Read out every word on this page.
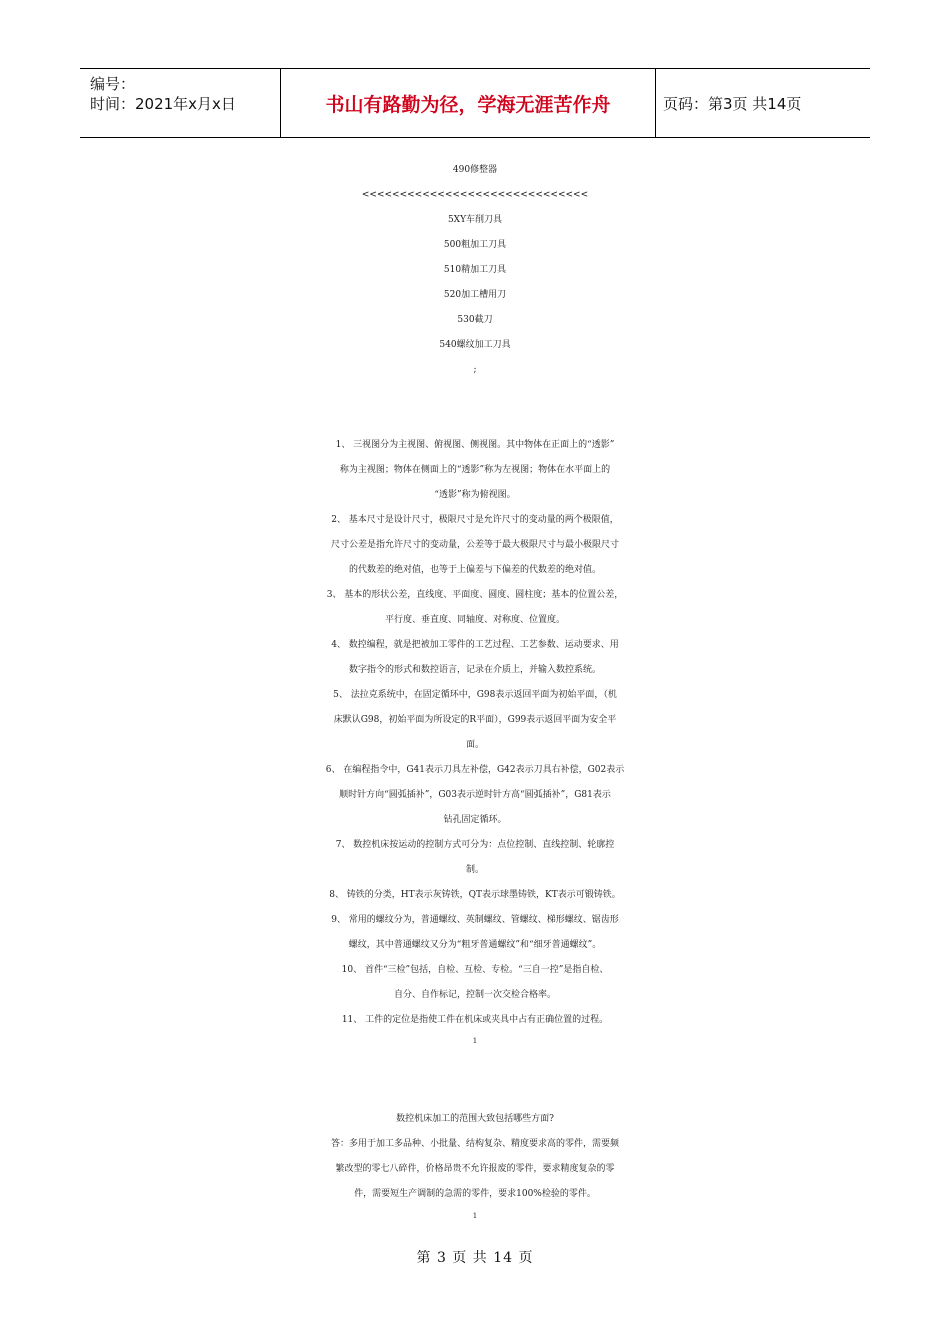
编号：
时间：2021年x月x日	书山有路勤为径，学海无涯苦作舟	页码：第3页 共14页
490修整器
<<<<<<<<<<<<<<<<<<<<<<<<<<<<<<
5XY车削刀具
500粗加工刀具
510精加工刀具
520加工槽用刀
530截刀
540螺纹加工刀具
;
1、 三视图分为主视图、俯视图、侧视图。其中物体在正面上的“透影”
称为主视图；物体在侧面上的“透影”称为左视图；物体在水平面上的
“透影”称为俯视图。
2、 基本尺寸是设计尺寸，极限尺寸是允许尺寸的变动量的两个极限值，
尺寸公差是指允许尺寸的变动量，公差等于最大极限尺寸与最小极限尺寸
的代数差的绝对值，也等于上偏差与下偏差的代数差的绝对值。
3、 基本的形状公差，直线度、平面度、圆度、圆柱度；基本的位置公差，
平行度、垂直度、同轴度、对称度、位置度。
4、 数控编程，就是把被加工零件的工艺过程、工艺参数、运动要求、用
数字指令的形式和数控语言，记录在介质上，并输入数控系统。
5、 法拉克系统中，在固定循环中，G98表示返回平面为初始平面，（机
床默认G98，初始平面为所设定的R平面），G99表示返回平面为安全平
面。
6、 在编程指令中，G41表示刀具左补偿，G42表示刀具右补偿，G02表示
顺时针方向“圆弧插补”，G03表示逆时针方高“圆弧插补”，G81表示
钻孔固定循环。
7、 数控机床按运动的控制方式可分为：点位控制、直线控制、轮廓控
制。
8、 铸铁的分类，HT表示灰铸铁，QT表示球墨铸铁，KT表示可锻铸铁。
9、 常用的螺纹分为，普通螺纹、英制螺纹、管螺纹、梯形螺纹、锯齿形
螺纹，其中普通螺纹又分为“粗牙普通螺纹”和“细牙普通螺纹”。
10、 首件“三检”包括，自检、互检、专检。“三自一控”是指自检、
自分、自作标记，控制一次交检合格率。
11、 工件的定位是指使工件在机床或夹具中占有正确位置的过程。
1
数控机床加工的范围大致包括哪些方面?
答：多用于加工多品种、小批量、结构复杂、精度要求高的零件，需要频
繁改型的零七八碎件，价格昂贵不允许报废的零件，要求精度复杂的零
件，需要短生产调制的急需的零件，要求100%检验的零件。
1
第 3 页 共 14 页
